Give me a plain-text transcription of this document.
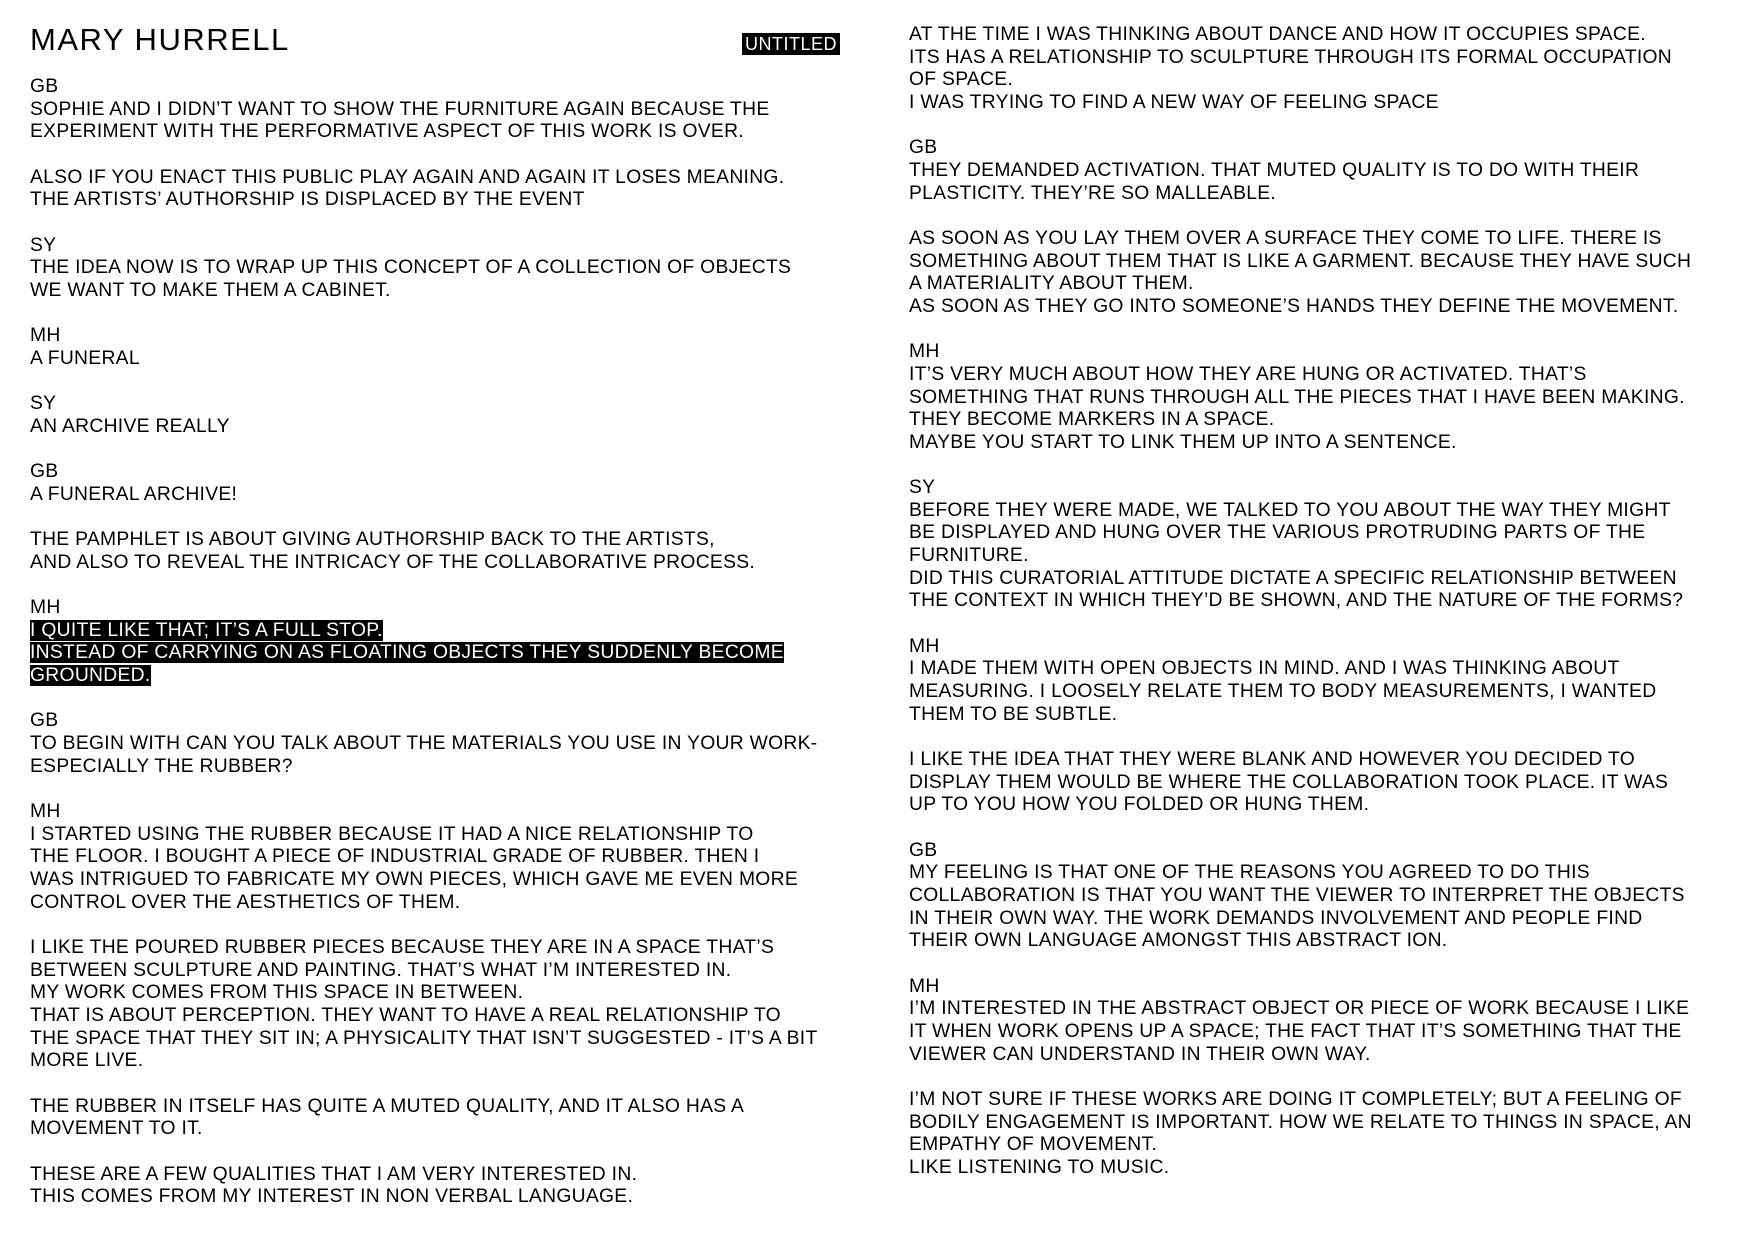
MARY HURRELL	UNTITLED
GB
SOPHIE AND I DIDN’T WANT TO SHOW THE FURNITURE AGAIN BECAUSE THE
EXPERIMENT WITH THE PERFORMATIVE ASPECT OF THIS WORK IS OVER.
ALSO IF YOU ENACT THIS PUBLIC PLAY AGAIN AND AGAIN IT LOSES MEANING.
THE ARTISTS’ AUTHORSHIP IS DISPLACED BY THE EVENT
SY
THE IDEA NOW IS TO WRAP UP THIS CONCEPT OF A COLLECTION OF OBJECTS
WE WANT TO MAKE THEM A CABINET.
MH
A FUNERAL
SY
AN ARCHIVE REALLY
GB
A FUNERAL ARCHIVE!
THE PAMPHLET IS ABOUT GIVING AUTHORSHIP BACK TO THE ARTISTS,
AND ALSO TO REVEAL THE INTRICACY OF THE COLLABORATIVE PROCESS.
MH
I QUITE LIKE THAT; IT’S A FULL STOP.
INSTEAD OF CARRYING ON AS FLOATING OBJECTS THEY SUDDENLY BECOME
GROUNDED.
GB
TO BEGIN WITH CAN YOU TALK ABOUT THE MATERIALS YOU USE IN YOUR WORK-
ESPECIALLY THE RUBBER?
MH
I STARTED USING THE RUBBER BECAUSE IT HAD A NICE RELATIONSHIP TO
THE FLOOR. I BOUGHT A PIECE OF INDUSTRIAL GRADE OF RUBBER. THEN I
WAS INTRIGUED TO FABRICATE MY OWN PIECES, WHICH GAVE ME EVEN MORE
CONTROL OVER THE AESTHETICS OF THEM.
I LIKE THE POURED RUBBER PIECES BECAUSE THEY ARE IN A SPACE THAT’S
BETWEEN SCULPTURE AND PAINTING. THAT’S WHAT I’M INTERESTED IN.
MY WORK COMES FROM THIS SPACE IN BETWEEN.
THAT IS ABOUT PERCEPTION. THEY WANT TO HAVE A REAL RELATIONSHIP TO
THE SPACE THAT THEY SIT IN; A PHYSICALITY THAT ISN’T SUGGESTED - IT’S A BIT
MORE LIVE.
THE RUBBER IN ITSELF HAS QUITE A MUTED QUALITY, AND IT ALSO HAS A
MOVEMENT TO IT.
THESE ARE A FEW QUALITIES THAT I AM VERY INTERESTED IN.
THIS COMES FROM MY INTEREST IN NON VERBAL LANGUAGE.
AT THE TIME I WAS THINKING ABOUT DANCE AND HOW IT OCCUPIES SPACE.
ITS HAS A RELATIONSHIP TO SCULPTURE THROUGH ITS FORMAL OCCUPATION
OF SPACE.
I WAS TRYING TO FIND A NEW WAY OF FEELING SPACE
GB
THEY DEMANDED ACTIVATION. THAT MUTED QUALITY IS TO DO WITH THEIR
PLASTICITY. THEY’RE SO MALLEABLE.
AS SOON AS YOU LAY THEM OVER A SURFACE THEY COME TO LIFE. THERE IS
SOMETHING ABOUT THEM THAT IS LIKE A GARMENT. BECAUSE THEY HAVE SUCH
A MATERIALITY ABOUT THEM.
AS SOON AS THEY GO INTO SOMEONE’S HANDS THEY DEFINE THE MOVEMENT.
MH
IT’S VERY MUCH ABOUT HOW THEY ARE HUNG OR ACTIVATED. THAT’S
SOMETHING THAT RUNS THROUGH ALL THE PIECES THAT I HAVE BEEN MAKING.
THEY BECOME MARKERS IN A SPACE.
MAYBE YOU START TO LINK THEM UP INTO A SENTENCE.
SY
BEFORE THEY WERE MADE, WE TALKED TO YOU ABOUT THE WAY THEY MIGHT
BE DISPLAYED AND HUNG OVER THE VARIOUS PROTRUDING PARTS OF THE
FURNITURE.
DID THIS CURATORIAL ATTITUDE DICTATE A SPECIFIC RELATIONSHIP BETWEEN
THE CONTEXT IN WHICH THEY’D BE SHOWN, AND THE NATURE OF THE FORMS?
MH
I MADE THEM WITH OPEN OBJECTS IN MIND. AND I WAS THINKING ABOUT
MEASURING. I LOOSELY RELATE THEM TO BODY MEASUREMENTS, I WANTED
THEM TO BE SUBTLE.
I LIKE THE IDEA THAT THEY WERE BLANK AND HOWEVER YOU DECIDED TO
DISPLAY THEM WOULD BE WHERE THE COLLABORATION TOOK PLACE. IT WAS
UP TO YOU HOW YOU FOLDED OR HUNG THEM.
GB
MY FEELING IS THAT ONE OF THE REASONS YOU AGREED TO DO THIS
COLLABORATION IS THAT YOU WANT THE VIEWER TO INTERPRET THE OBJECTS
IN THEIR OWN WAY. THE WORK DEMANDS INVOLVEMENT AND PEOPLE FIND
THEIR OWN LANGUAGE AMONGST THIS ABSTRACT ION.
MH
I’M INTERESTED IN THE ABSTRACT OBJECT OR PIECE OF WORK BECAUSE I LIKE
IT WHEN WORK OPENS UP A SPACE; THE FACT THAT IT’S SOMETHING THAT THE
VIEWER CAN UNDERSTAND IN THEIR OWN WAY.
I’M NOT SURE IF THESE WORKS ARE DOING IT COMPLETELY; BUT A FEELING OF
BODILY ENGAGEMENT IS IMPORTANT. HOW WE RELATE TO THINGS IN SPACE, AN
EMPATHY OF MOVEMENT.
LIKE LISTENING TO MUSIC.
